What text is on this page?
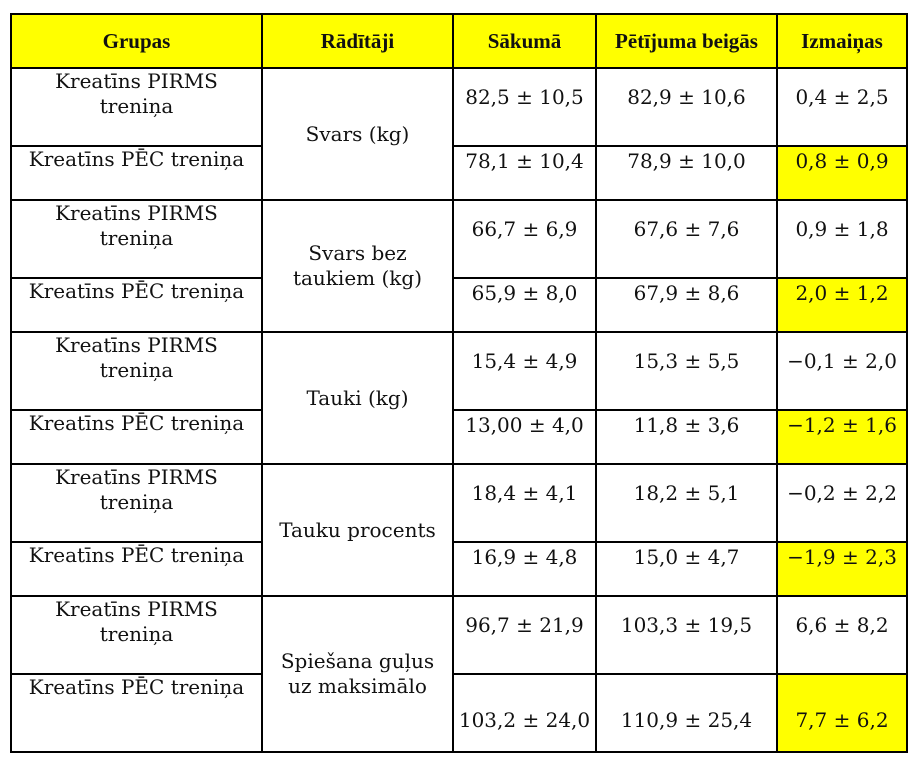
Grupas	Rādītāji	Sākumā	Pētījuma beigās	Izmaiņas
Kreatīns PIRMS treniņa	Svars (kg)	82,5 ± 10,5	82,9 ± 10,6	0,4 ± 2,5
Kreatīns PĒC treniņa		78,1 ± 10,4	78,9 ± 10,0	0,8 ± 0,9
Kreatīns PIRMS treniņa	Svars bez taukiem (kg)	66,7 ± 6,9	67,6 ± 7,6	0,9 ± 1,8
Kreatīns PĒC treniņa		65,9 ± 8,0	67,9 ± 8,6	2,0 ± 1,2
Kreatīns PIRMS treniņa	Tauki (kg)	15,4 ± 4,9	15,3 ± 5,5	−0,1 ± 2,0
Kreatīns PĒC treniņa		13,00 ± 4,0	11,8 ± 3,6	−1,2 ± 1,6
Kreatīns PIRMS treniņa	Tauku procents	18,4 ± 4,1	18,2 ± 5,1	−0,2 ± 2,2
Kreatīns PĒC treniņa		16,9 ± 4,8	15,0 ± 4,7	−1,9 ± 2,3
Kreatīns PIRMS treniņa	Spiešana guļus uz maksimālo	96,7 ± 21,9	103,3 ± 19,5	6,6 ± 8,2
Kreatīns PĒC treniņa		103,2 ± 24,0	110,9 ± 25,4	7,7 ± 6,2
